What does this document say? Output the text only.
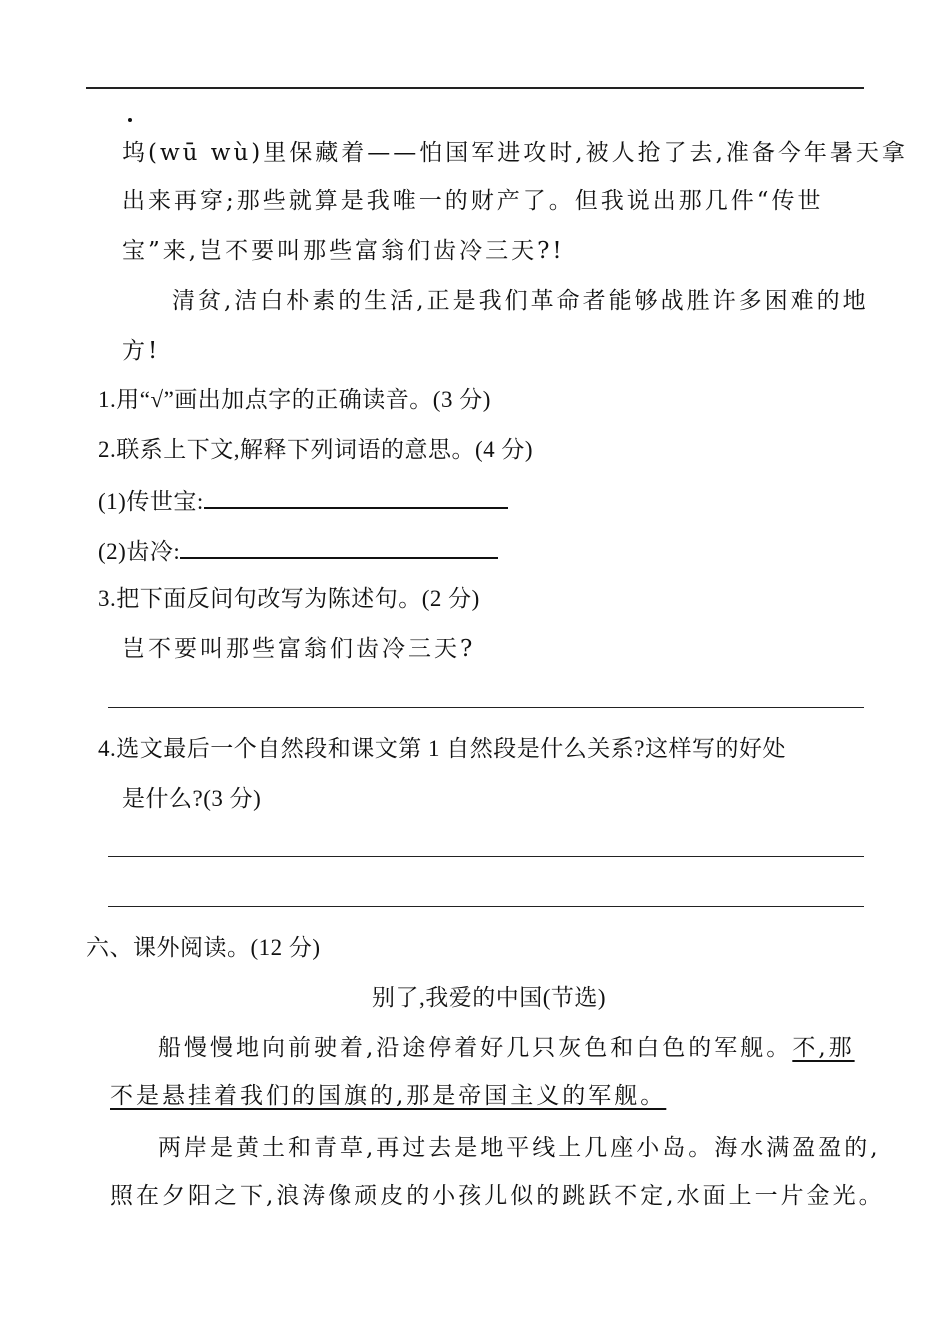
坞(wū wù)里保藏着——怕国军进攻时,被人抢了去,准备今年暑天拿
出来再穿;那些就算是我唯一的财产了。但我说出那几件“传世
宝”来,岂不要叫那些富翁们齿冷三天?!
清贫,洁白朴素的生活,正是我们革命者能够战胜许多困难的地
方!
1.用“√”画出加点字的正确读音。(3 分)
2.联系上下文,解释下列词语的意思。(4 分)
(1)传世宝:
(2)齿冷:
3.把下面反问句改写为陈述句。(2 分)
岂不要叫那些富翁们齿冷三天?
4.选文最后一个自然段和课文第 1 自然段是什么关系?这样写的好处
是什么?(3 分)
六、课外阅读。(12 分)
别了,我爱的中国(节选)
船慢慢地向前驶着,沿途停着好几只灰色和白色的军舰。不,那
不是悬挂着我们的国旗的,那是帝国主义的军舰。
两岸是黄土和青草,再过去是地平线上几座小岛。海水满盈盈的,
照在夕阳之下,浪涛像顽皮的小孩儿似的跳跃不定,水面上一片金光。
